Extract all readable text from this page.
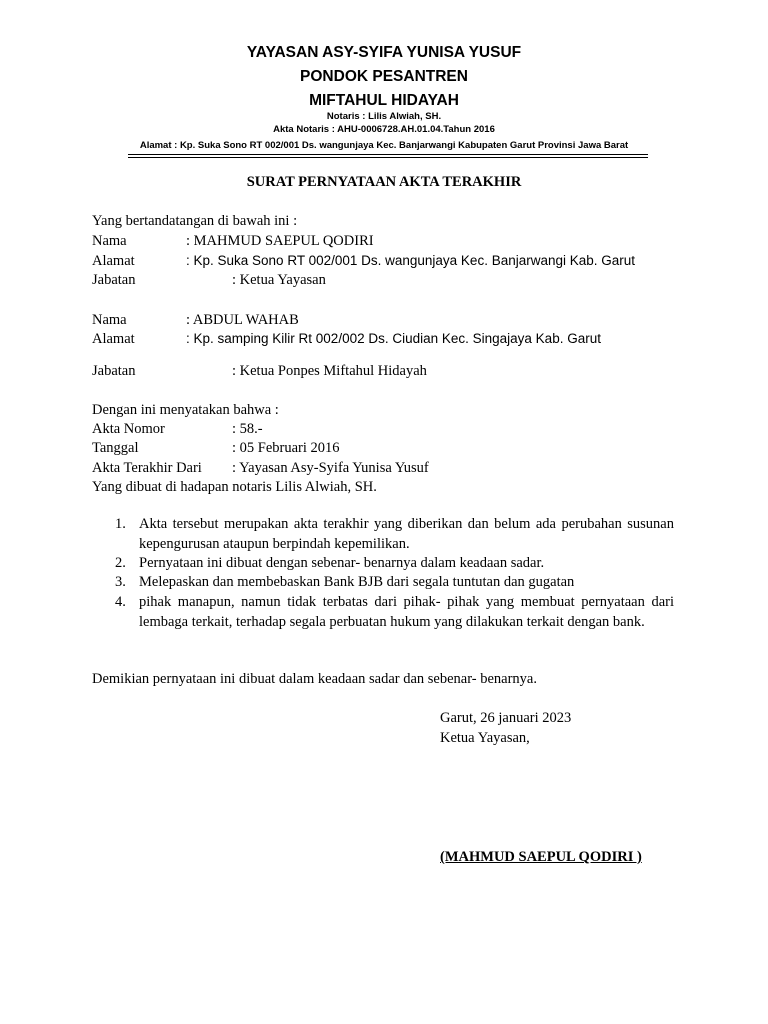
YAYASAN ASY-SYIFA YUNISA YUSUF
PONDOK PESANTREN
MIFTAHUL HIDAYAH
Notaris : Lilis Alwiah, SH.
Akta Notaris : AHU-0006728.AH.01.04.Tahun 2016
Alamat : Kp. Suka Sono RT 002/001 Ds. wangunjaya Kec. Banjarwangi Kabupaten Garut Provinsi Jawa Barat
SURAT PERNYATAAN AKTA TERAKHIR
Yang bertandatangan di bawah ini :
Nama	: MAHMUD SAEPUL QODIRI
Alamat	: Kp. Suka Sono RT 002/001 Ds. wangunjaya Kec. Banjarwangi Kab. Garut
Jabatan	: Ketua Yayasan
Nama	: ABDUL WAHAB
Alamat	: Kp. samping Kilir Rt 002/002 Ds. Ciudian Kec. Singajaya Kab. Garut
Jabatan	: Ketua Ponpes Miftahul Hidayah
Dengan ini menyatakan bahwa :
Akta Nomor	: 58.-
Tanggal	: 05 Februari 2016
Akta Terakhir Dari : Yayasan Asy-Syifa Yunisa Yusuf
Yang dibuat di hadapan notaris Lilis Alwiah, SH.
1. Akta tersebut merupakan akta terakhir yang diberikan dan belum ada perubahan susunan kepengurusan ataupun berpindah kepemilikan.
2. Pernyataan ini dibuat dengan sebenar- benarnya dalam keadaan sadar.
3. Melepaskan dan membebaskan Bank BJB dari segala tuntutan dan gugatan
4. pihak manapun, namun tidak terbatas dari pihak- pihak yang membuat pernyataan dari lembaga terkait, terhadap segala perbuatan hukum yang dilakukan terkait dengan bank.
Demikian pernyataan ini dibuat dalam keadaan sadar dan sebenar- benarnya.
Garut, 26 januari 2023
Ketua Yayasan,
(MAHMUD SAEPUL QODIRI )
